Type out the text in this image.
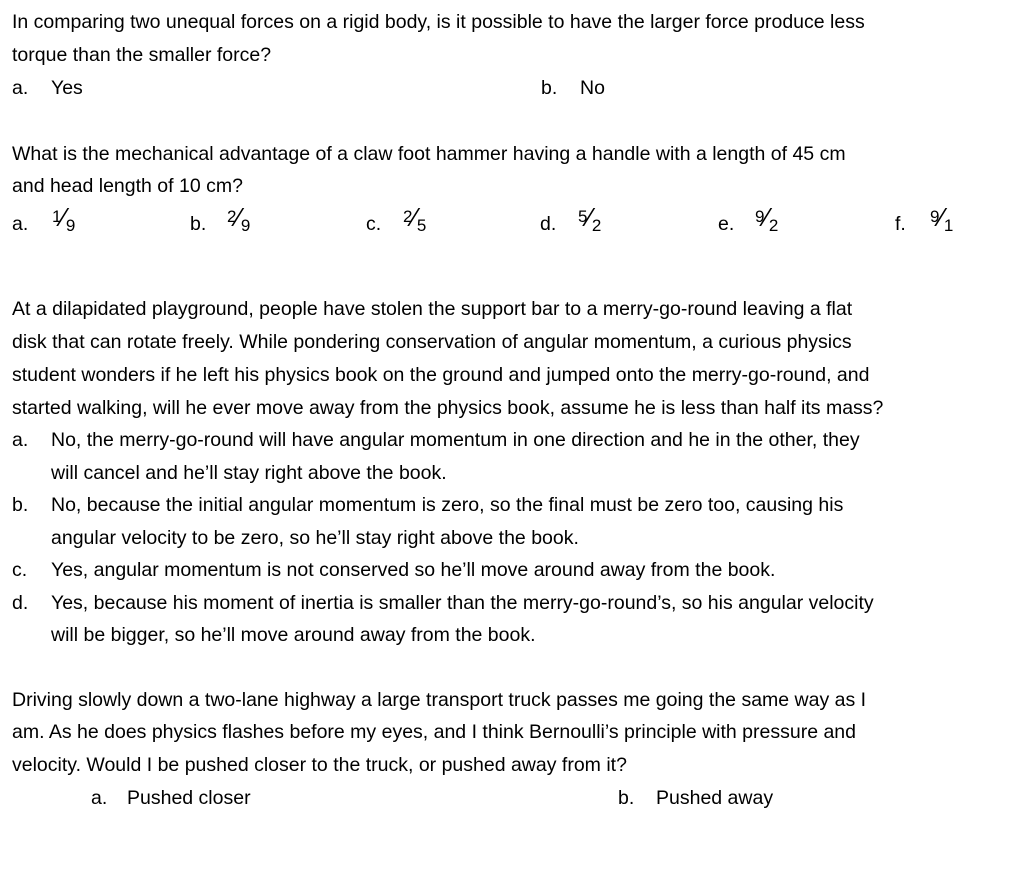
In comparing two unequal forces on a rigid body, is it possible to have the larger force produce less
torque than the smaller force?
a. Yes	b. No
What is the mechanical advantage of a claw foot hammer having a handle with a length of 45 cm
and head length of 10 cm?
a. $^1⁄_9$	b. $^2⁄_9$	c. $^2⁄_5$	d. $^5⁄_2$	e. $^9⁄_2$	f. $^9⁄_1$
At a dilapidated playground, people have stolen the support bar to a merry-go-round leaving a flat
disk that can rotate freely. While pondering conservation of angular momentum, a curious physics
student wonders if he left his physics book on the ground and jumped onto the merry-go-round, and
started walking, will he ever move away from the physics book, assume he is less than half its mass?
a. No, the merry-go-round will have angular momentum in one direction and he in the other, they
will cancel and he’ll stay right above the book.
b. No, because the initial angular momentum is zero, so the final must be zero too, causing his
angular velocity to be zero, so he’ll stay right above the book.
c. Yes, angular momentum is not conserved so he’ll move around away from the book.
d. Yes, because his moment of inertia is smaller than the merry-go-round’s, so his angular velocity
will be bigger, so he’ll move around away from the book.
Driving slowly down a two-lane highway a large transport truck passes me going the same way as I
am. As he does physics flashes before my eyes, and I think Bernoulli’s principle with pressure and
velocity. Would I be pushed closer to the truck, or pushed away from it?
a. Pushed closer	b. Pushed away
